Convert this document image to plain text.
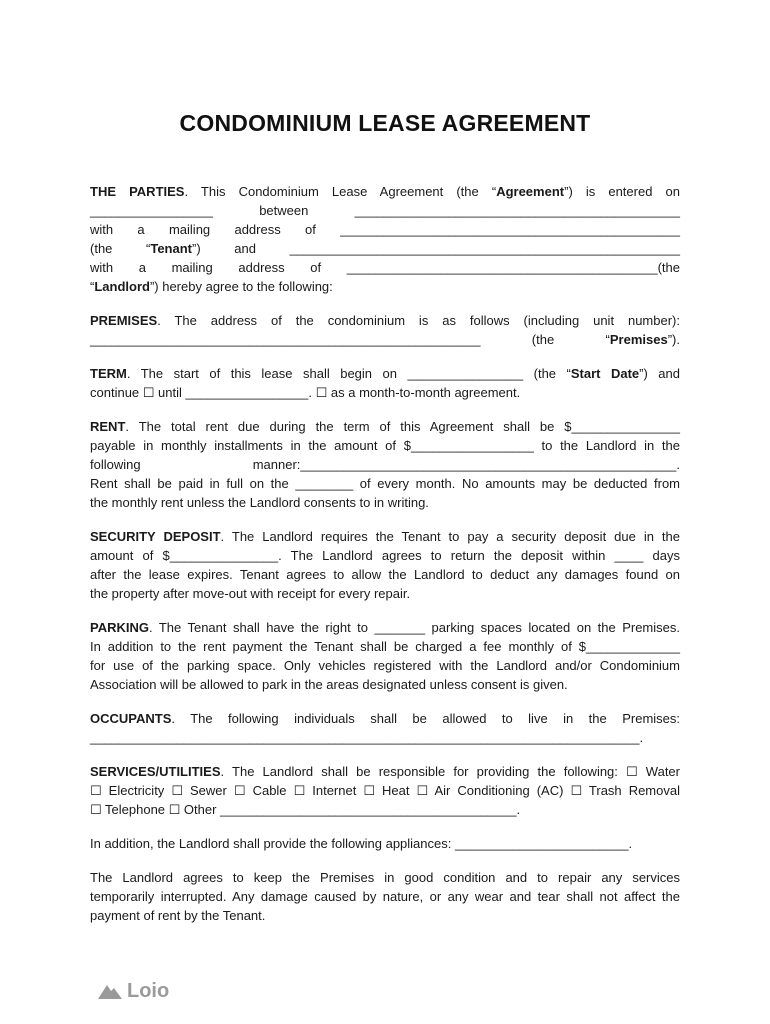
CONDOMINIUM LEASE AGREEMENT
THE PARTIES. This Condominium Lease Agreement (the “Agreement”) is entered on
_________________ between _____________________________________________
with a mailing address of _______________________________________________
(the “Tenant”) and ______________________________________________________
with a mailing address of ___________________________________________(the
“Landlord”) hereby agree to the following:
PREMISES. The address of the condominium is as follows (including unit number):
______________________________________________________ (the “Premises”).
TERM. The start of this lease shall begin on ________________ (the “Start Date”) and
continue ☐ until _________________. ☐ as a month-to-month agreement.
RENT. The total rent due during the term of this Agreement shall be $_______________
payable in monthly installments in the amount of $_________________ to the Landlord in the
following manner:____________________________________________________.
Rent shall be paid in full on the ________ of every month. No amounts may be deducted from
the monthly rent unless the Landlord consents to in writing.
SECURITY DEPOSIT. The Landlord requires the Tenant to pay a security deposit due in the
amount of $_______________. The Landlord agrees to return the deposit within ____ days
after the lease expires. Tenant agrees to allow the Landlord to deduct any damages found on
the property after move-out with receipt for every repair.
PARKING. The Tenant shall have the right to _______ parking spaces located on the Premises.
In addition to the rent payment the Tenant shall be charged a fee monthly of $_____________
for use of the parking space. Only vehicles registered with the Landlord and/or Condominium
Association will be allowed to park in the areas designated unless consent is given.
OCCUPANTS. The following individuals shall be allowed to live in the Premises:
____________________________________________________________________________.
SERVICES/UTILITIES. The Landlord shall be responsible for providing the following: ☐ Water
☐ Electricity ☐ Sewer ☐ Cable ☐ Internet ☐ Heat ☐ Air Conditioning (AC) ☐ Trash Removal
☐ Telephone ☐ Other _________________________________________.
In addition, the Landlord shall provide the following appliances: ________________________.
The Landlord agrees to keep the Premises in good condition and to repair any services
temporarily interrupted. Any damage caused by nature, or any wear and tear shall not affect the
payment of rent by the Tenant.
Loio
